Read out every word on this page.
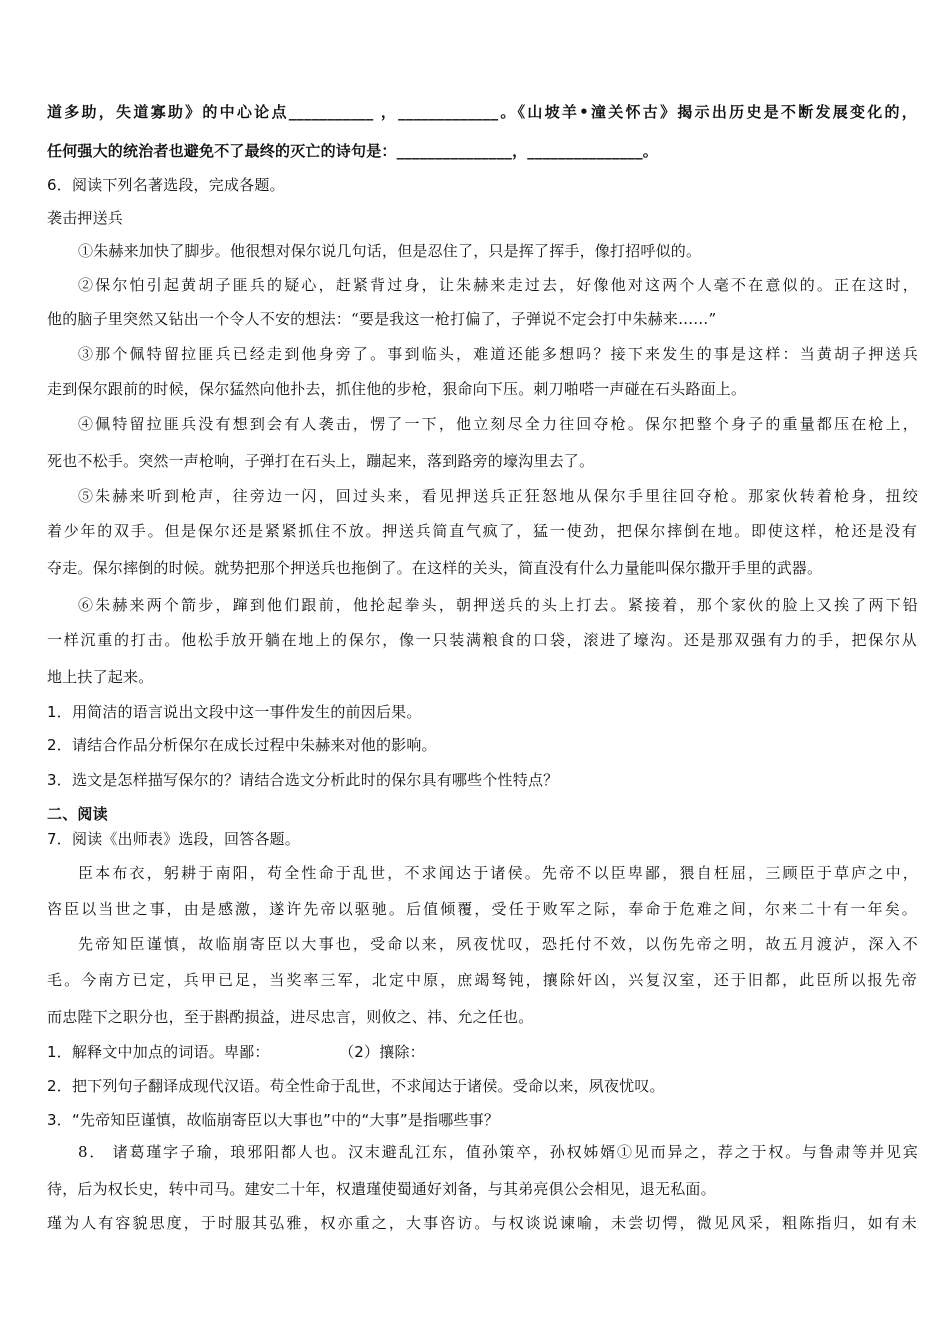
道多助，失道寡助》的中心论点___________ ，_____________。《山坡羊•潼关怀古》揭示出历史是不断发展变化的，
任何强大的统治者也避免不了最终的灭亡的诗句是：_______________，_______________。
6．阅读下列名著选段，完成各题。
袭击押送兵
①朱赫来加快了脚步。他很想对保尔说几句话，但是忍住了，只是挥了挥手，像打招呼似的。
②保尔怕引起黄胡子匪兵的疑心，赶紧背过身，让朱赫来走过去，好像他对这两个人毫不在意似的。正在这时，
他的脑子里突然又钻出一个令人不安的想法：“要是我这一枪打偏了，子弹说不定会打中朱赫来……”
③那个佩特留拉匪兵已经走到他身旁了。事到临头，难道还能多想吗？接下来发生的事是这样：当黄胡子押送兵
走到保尔跟前的时候，保尔猛然向他扑去，抓住他的步枪，狠命向下压。刺刀啪嗒一声碰在石头路面上。
④佩特留拉匪兵没有想到会有人袭击，愣了一下，他立刻尽全力往回夺枪。保尔把整个身子的重量都压在枪上，
死也不松手。突然一声枪响，子弹打在石头上，蹦起来，落到路旁的壕沟里去了。
⑤朱赫来听到枪声，往旁边一闪，回过头来，看见押送兵正狂怒地从保尔手里往回夺枪。那家伙转着枪身，扭绞
着少年的双手。但是保尔还是紧紧抓住不放。押送兵简直气疯了，猛一使劲，把保尔摔倒在地。即使这样，枪还是没有
夺走。保尔摔倒的时候。就势把那个押送兵也拖倒了。在这样的关头，简直没有什么力量能叫保尔撒开手里的武器。
⑥朱赫来两个箭步，蹿到他们跟前，他抡起拳头，朝押送兵的头上打去。紧接着，那个家伙的脸上又挨了两下铅
一样沉重的打击。他松手放开躺在地上的保尔，像一只装满粮食的口袋，滚进了壕沟。还是那双强有力的手，把保尔从
地上扶了起来。
1．用简洁的语言说出文段中这一事件发生的前因后果。
2．请结合作品分析保尔在成长过程中朱赫来对他的影响。
3．选文是怎样描写保尔的？请结合选文分析此时的保尔具有哪些个性特点？
二、阅读
7．阅读《出师表》选段，回答各题。
臣本布衣，躬耕于南阳，苟全性命于乱世，不求闻达于诸侯。先帝不以臣卑鄙，猥自枉屈，三顾臣于草庐之中，
咨臣以当世之事，由是感激，遂许先帝以驱驰。后值倾覆，受任于败军之际，奉命于危难之间，尔来二十有一年矣。
先帝知臣谨慎，故临崩寄臣以大事也，受命以来，夙夜忧叹，恐托付不效，以伤先帝之明，故五月渡泸，深入不
毛。今南方已定，兵甲已足，当奖率三军，北定中原，庶竭驽钝，攘除奸凶，兴复汉室，还于旧都，此臣所以报先帝
而忠陛下之职分也，至于斟酌损益，进尽忠言，则攸之、祎、允之任也。
1．解释文中加点的词语。卑鄙：              （2）攘除：
2．把下列句子翻译成现代汉语。苟全性命于乱世，不求闻达于诸侯。受命以来，夙夜忧叹。
3．“先帝知臣谨慎，故临崩寄臣以大事也”中的“大事”是指哪些事？
8． 诸葛瑾字子瑜，琅邪阳都人也。汉末避乱江东，值孙策卒，孙权姊婿①见而异之，荐之于权。与鲁肃等并见宾
待，后为权长史，转中司马。建安二十年，权遣瑾使蜀通好刘备，与其弟亮俱公会相见，退无私面。
瑾为人有容貌思度，于时服其弘雅，权亦重之，大事咨访。与权谈说谏喻，未尝切愕，微见风采，粗陈指归，如有未
